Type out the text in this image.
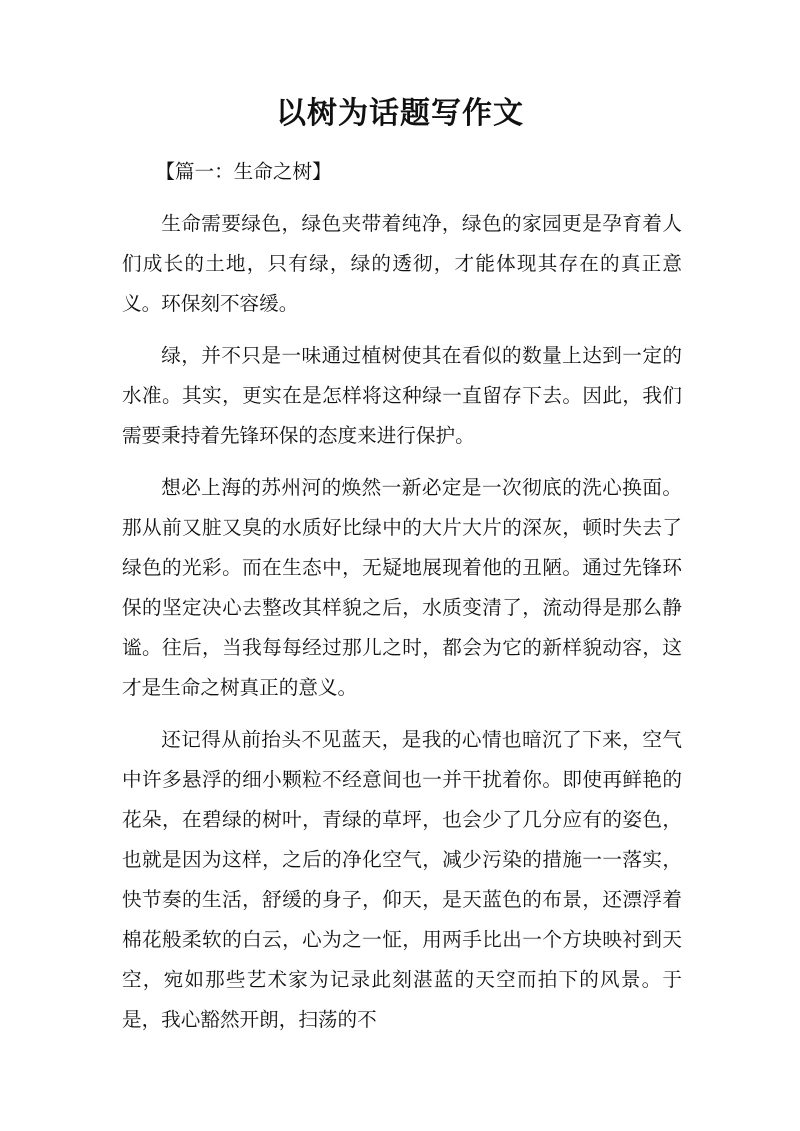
以树为话题写作文

【篇一：生命之树】

生命需要绿色，绿色夹带着纯净，绿色的家园更是孕育着人们成长的土地，只有绿，绿的透彻，才能体现其存在的真正意义。环保刻不容缓。

绿，并不只是一味通过植树使其在看似的数量上达到一定的水准。其实，更实在是怎样将这种绿一直留存下去。因此，我们需要秉持着先锋环保的态度来进行保护。

想必上海的苏州河的焕然一新必定是一次彻底的洗心换面。那从前又脏又臭的水质好比绿中的大片大片的深灰，顿时失去了绿色的光彩。而在生态中，无疑地展现着他的丑陋。通过先锋环保的坚定决心去整改其样貌之后，水质变清了，流动得是那么静谧。往后，当我每每经过那儿之时，都会为它的新样貌动容，这才是生命之树真正的意义。

还记得从前抬头不见蓝天，是我的心情也暗沉了下来，空气中许多悬浮的细小颗粒不经意间也一并干扰着你。即使再鲜艳的花朵，在碧绿的树叶，青绿的草坪，也会少了几分应有的姿色，也就是因为这样，之后的净化空气，减少污染的措施一一落实，快节奏的生活，舒缓的身子，仰天，是天蓝色的布景，还漂浮着棉花般柔软的白云，心为之一怔，用两手比出一个方块映衬到天空，宛如那些艺术家为记录此刻湛蓝的天空而拍下的风景。于是，我心豁然开朗，扫荡的不
